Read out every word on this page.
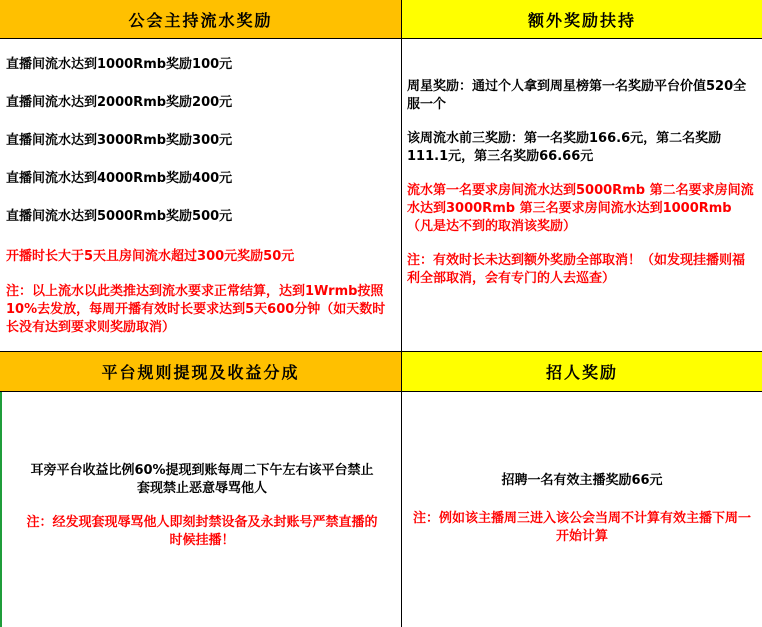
公会主持流水奖励	额外奖励扶持
直播间流水达到1000Rmb奖励100元
直播间流水达到2000Rmb奖励200元
直播间流水达到3000Rmb奖励300元
直播间流水达到4000Rmb奖励400元
直播间流水达到5000Rmb奖励500元
开播时长大于5天且房间流水超过300元奖励50元
注：以上流水以此类推达到流水要求正常结算，达到1Wrmb按照10%去发放，每周开播有效时长要求达到5天600分钟（如天数时长没有达到要求则奖励取消）

周星奖励：通过个人拿到周星榜第一名奖励平台价值520全服一个

该周流水前三奖励：第一名奖励166.6元，第二名奖励111.1元，第三名奖励66.66元

流水第一名要求房间流水达到5000Rmb 第二名要求房间流水达到3000Rmb 第三名要求房间流水达到1000Rmb（凡是达不到的取消该奖励）

注：有效时长未达到额外奖励全部取消！（如发现挂播则福利全部取消，会有专门的人去巡查）

平台规则提现及收益分成	招人奖励

耳旁平台收益比例60%提现到账每周二下午左右该平台禁止套现禁止恶意辱骂他人

注：经发现套现辱骂他人即刻封禁设备及永封账号严禁直播的时候挂播！

招聘一名有效主播奖励66元

注：例如该主播周三进入该公会当周不计算有效主播下周一开始计算
